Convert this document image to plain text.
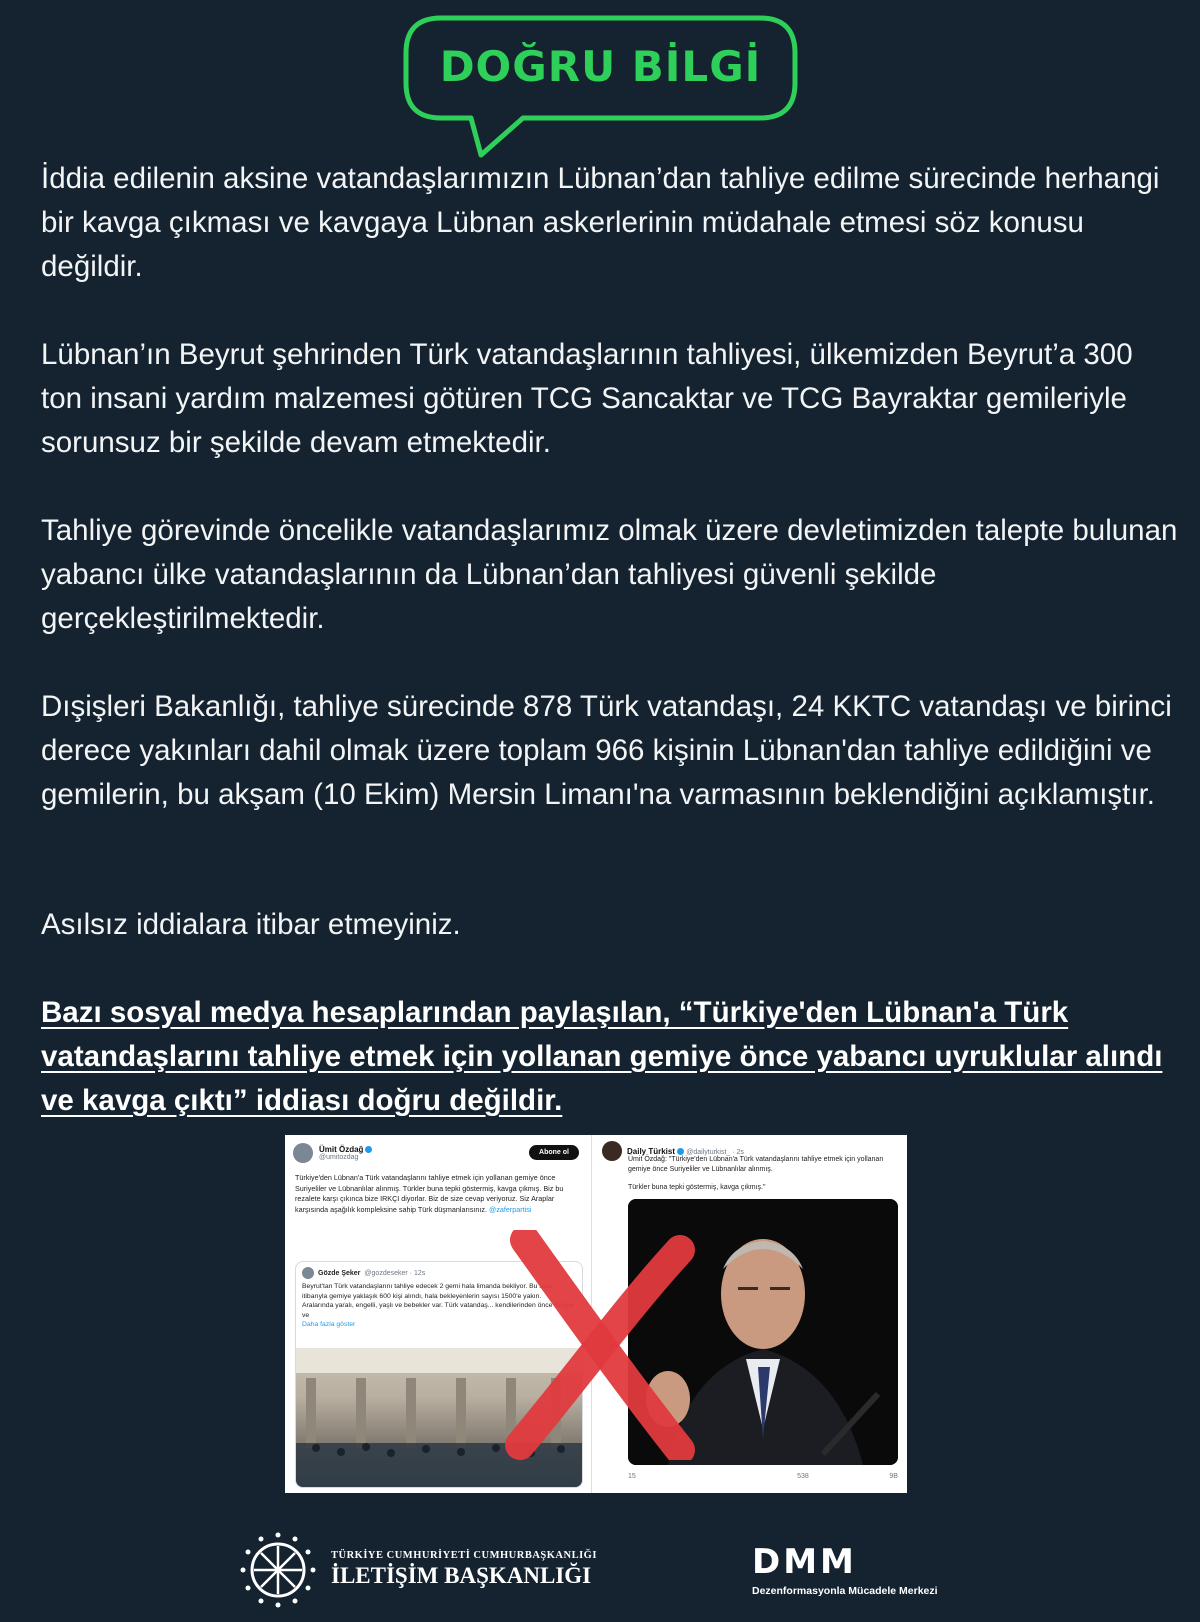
DOĞRU BİLGİ

İddia edilenin aksine vatandaşlarımızın Lübnan’dan tahliye edilme sürecinde herhangi bir kavga çıkması ve kavgaya Lübnan askerlerinin müdahale etmesi söz konusu değildir.

Lübnan’ın Beyrut şehrinden Türk vatandaşlarının tahliyesi, ülkemizden Beyrut’a 300 ton insani yardım malzemesi götüren TCG Sancaktar ve TCG Bayraktar gemileriyle sorunsuz bir şekilde devam etmektedir.

Tahliye görevinde öncelikle vatandaşlarımız olmak üzere devletimizden talepte bulunan yabancı ülke vatandaşlarının da Lübnan’dan tahliyesi güvenli şekilde gerçekleştirilmektedir.

Dışişleri Bakanlığı, tahliye sürecinde 878 Türk vatandaşı, 24 KKTC vatandaşı ve birinci derece yakınları dahil olmak üzere toplam 966 kişinin Lübnan'dan tahliye edildiğini ve gemilerin, bu akşam (10 Ekim) Mersin Limanı'na varmasının beklendiğini açıklamıştır.

Asılsız iddialara itibar etmeyiniz.

Bazı sosyal medya hesaplarından paylaşılan, “Türkiye'den Lübnan'a Türk vatandaşlarını tahliye etmek için yollanan gemiye önce yabancı uyruklular alındı ve kavga çıktı” iddiası doğru değildir.

Ümit Özdağ
@umitozdag
Abone ol
Türkiye'den Lübnan'a Türk vatandaşlarını tahliye etmek için yollanan gemiye önce Suriyeliler ve Lübnanlılar alınmış. Türkler buna tepki göstermiş, kavga çıkmış. Biz bu rezalete karşı çıkınca bize IRKÇI diyorlar. Biz de size cevap veriyoruz. Siz Araplar karşısında aşağılık kompleksine sahip Türk düşmanlarısınız. @zaferpartisi
Gözde Şeker @gozdeseker · 12s
Beyrut'tan Türk vatandaşlarını tahliye edecek 2 gemi hala limanda bekliyor. Bu saat itibarıyla gemiye yaklaşık 600 kişi alındı, hala bekleyenlerin sayısı 1500'e yakın. Aralarında yaralı, engelli, yaşlı ve bebekler var. Türk vatandaş... kendilerinden önce Suriye ve
Daha fazla göster
Daily Türkist @dailyturkist_ · 2s
Ümit Özdağ: "Türkiye'den Lübnan'a Türk vatandaşlarını tahliye etmek için yollanan gemiye önce Suriyeliler ve Lübnanlılar alınmış.
Türkler buna tepki göstermiş, kavga çıkmış."
15	538	9B
TÜRKİYE CUMHURİYETİ CUMHURBAŞKANLIĞI
İLETİŞİM BAŞKANLIĞI	DMM
Dezenformasyonla Mücadele Merkezi
